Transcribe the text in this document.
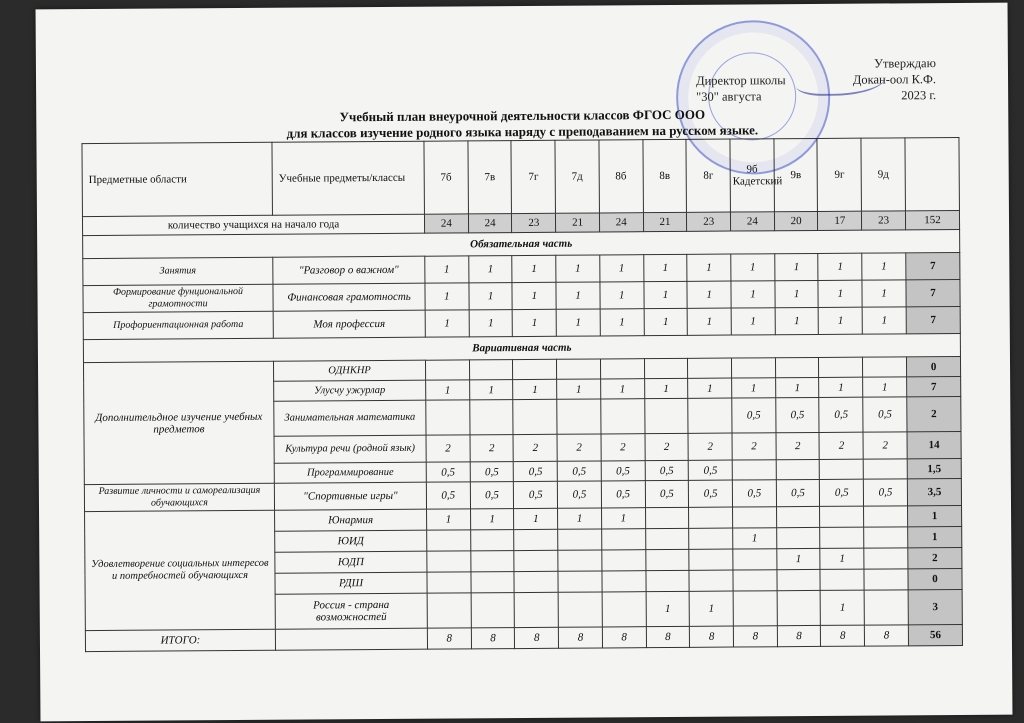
Утверждаю
Директор школы	Докан-оол К.Ф.
"30" августа	2023 г.
Учебный план внеурочной деятельности классов ФГОС ООО
для классов изучение родного языка наряду с преподаванием на русском языке.
Предметные области	Учебные предметы/классы	7б	7в	7г	7д	8б	8в	8г	9б Кадетский	9в	9г	9д	
количество учащихся на начало года		24	24	23	21	24	21	23	24	20	17	23	152
Обязательная часть													
Занятия	"Разговор о важном"	1	1	1	1	1	1	1	1	1	1	1	7
Формирование фунциональной грамотности	Финансовая грамотность	1	1	1	1	1	1	1	1	1	1	1	7
Профориентационная работа	Моя профессия	1	1	1	1	1	1	1	1	1	1	1	7
Вариативная часть													
Дополнительдное изучение учебных предметов	ОДНКНР												0
	Улусчу ужурлар	1	1	1	1	1	1	1	1	1	1	1	7
	Занимательная математика								0,5	0,5	0,5	0,5	2
	Культура речи (родной язык)	2	2	2	2	2	2	2	2	2	2	2	14
	Программирование	0,5	0,5	0,5	0,5	0,5	0,5	0,5					1,5
Развитие личности и самореализация обучающихся	"Спортивные игры"	0,5	0,5	0,5	0,5	0,5	0,5	0,5	0,5	0,5	0,5	0,5	3,5
Удовлетворение социальных интересов и потребностей обучающихся	Юнармия	1	1	1	1	1							1
	ЮИД								1				1
	ЮДП									1	1		2
	РДШ												0
	Россия - страна возможностей						1	1			1		3
ИТОГО:		8	8	8	8	8	8	8	8	8	8	8	56
